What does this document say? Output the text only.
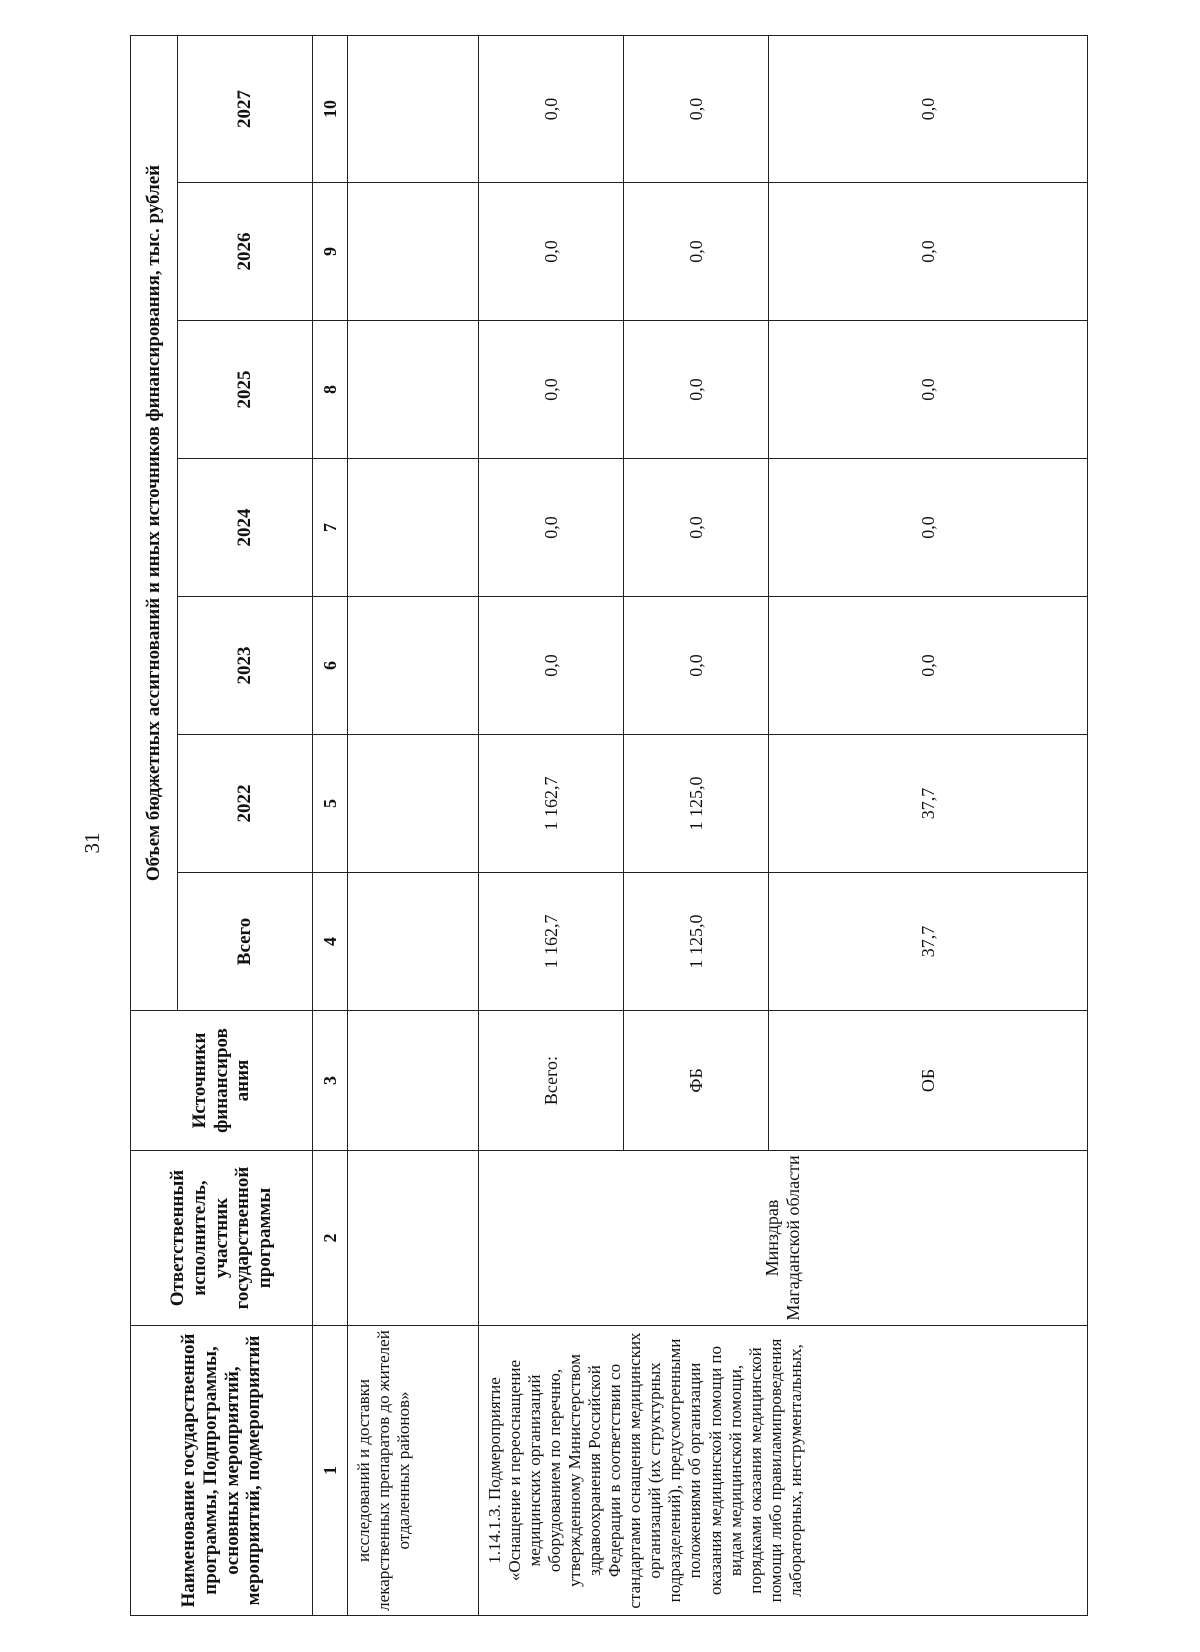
31
Наименование государственной программы, Подпрограммы, основных мероприятий, мероприятий, подмероприятий	Ответственный исполнитель, участник государственной программы	Источники финансиров ания	Объем бюджетных ассигнований и иных источников финансирования, тыс. рублей						
			Всего	2022	2023	2024	2025	2026	2027
1	2	3	4	5	6	7	8	9	10
исследований и доставки лекарственных препаратов до жителей отдаленных районов»									
1.14.1.3. Подмероприятие «Оснащение и переоснащение медицинских организаций оборудованием по перечню, утвержденному Министерством здравоохранения Российской Федерации в соответствии со стандартами оснащения медицинских организаций (их структурных подразделений), предусмотренными положениями об организации оказания медицинской помощи по видам медицинской помощи, порядками оказания медицинской помощи либо правиламипроведения лабораторных, инструментальных,	Минздрав Магаданской области	Всего:	1 162,7	1 162,7	0,0	0,0	0,0	0,0	0,0
		ФБ	1 125,0	1 125,0	0,0	0,0	0,0	0,0	0,0
		ОБ	37,7	37,7	0,0	0,0	0,0	0,0	0,0
